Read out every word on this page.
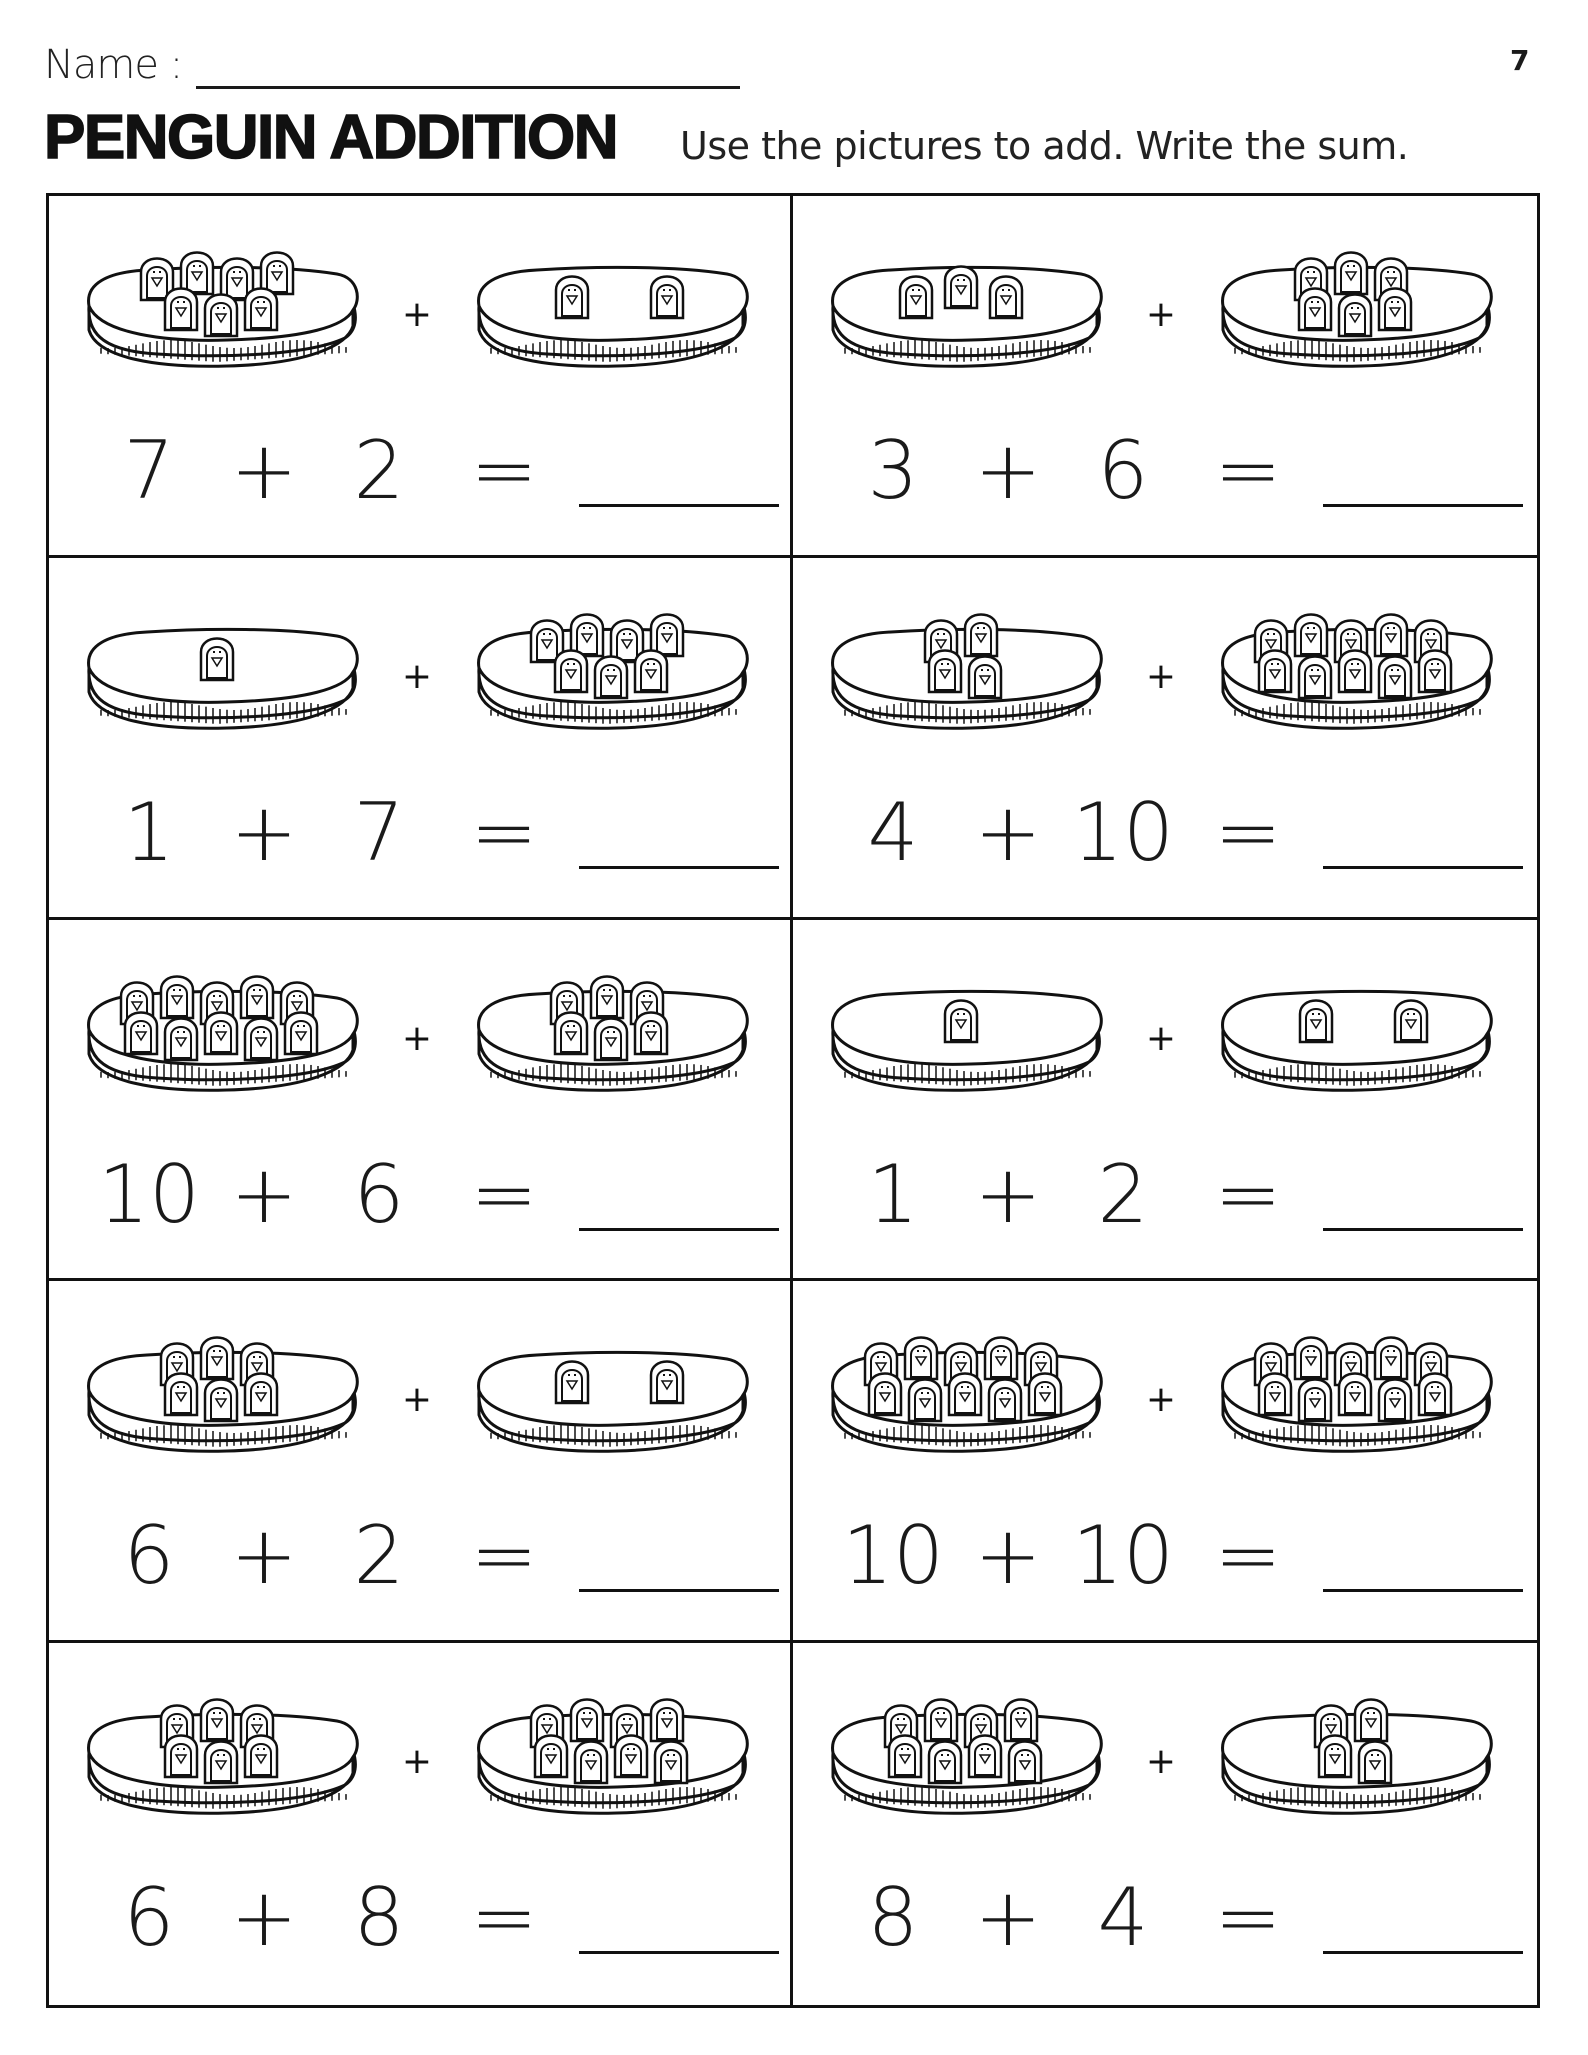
Name :	7
PENGUIN ADDITION Use the pictures to add. Write the sum.
+
7 + 2 =
+
3 + 6 =
+
1 + 7 =
+
4 + 10 =
+
10 + 6 =
+
1 + 2 =
+
6 + 2 =
+
10 + 10 =
+
6 + 8 =
+
8 + 4 =
